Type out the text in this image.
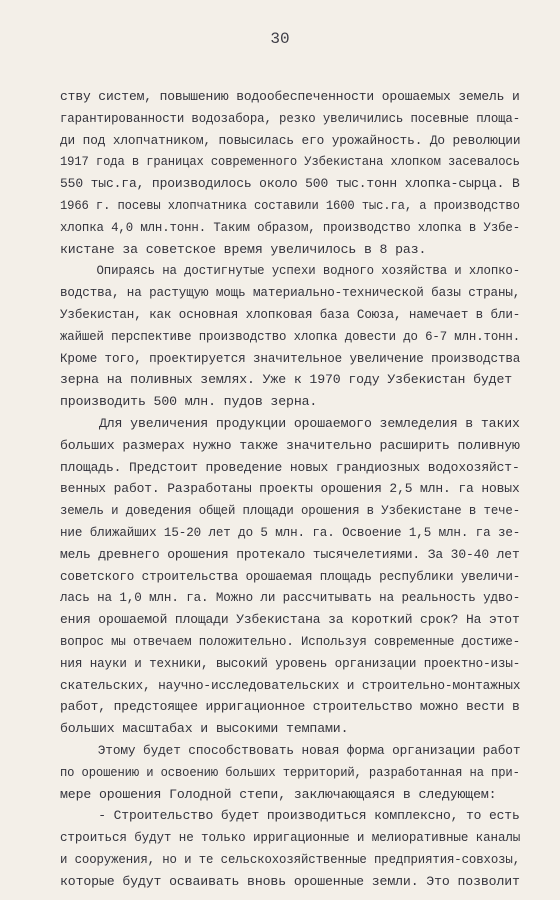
30
ству систем, повышению водообеспеченности орошаемых земель и
гарантированности водозабора, резко увеличились посевные площа-
ди под хлопчатником, повысилась его урожайность. До революции
1917 года в границах современного Узбекистана хлопком засевалось
550 тыс.га, производилось около 500 тыс.тонн хлопка-сырца. В
1966 г. посевы хлопчатника составили 1600 тыс.га, а производство
хлопка 4,0 млн.тонн. Таким образом, производство хлопка в Узбе-
кистане за советское время увеличилось в 8 раз.
Опираясь на достигнутые успехи водного хозяйства и хлопко-
водства, на растущую мощь материально-технической базы страны,
Узбекистан, как основная хлопковая база Союза, намечает в бли-
жайшей перспективе производство хлопка довести до 6-7 млн.тонн.
Кроме того, проектируется значительное увеличение производства
зерна на поливных землях. Уже к 1970 году Узбекистан будет
производить 500 млн. пудов зерна.
Для увеличения продукции орошаемого земледелия в таких
больших размерах нужно также значительно расширить поливную
площадь. Предстоит проведение новых грандиозных водохозяйст-
венных работ. Разработаны проекты орошения 2,5 млн. га новых
земель и доведения общей площади орошения в Узбекистане в тече-
ние ближайших 15-20 лет до 5 млн. га. Освоение 1,5 млн. га зе-
мель древнего орошения протекало тысячелетиями. За 30-40 лет
советского строительства орошаемая площадь республики увеличи-
лась на 1,0 млн. га. Можно ли рассчитывать на реальность удво-
ения орошаемой площади Узбекистана за короткий срок? На этот
вопрос мы отвечаем положительно. Используя современные достиже-
ния науки и техники, высокий уровень организации проектно-изы-
скательских, научно-исследовательских и строительно-монтажных
работ, предстоящее ирригационное строительство можно вести в
больших масштабах и высокими темпами.
Этому будет способствовать новая форма организации работ
по орошению и освоению больших территорий, разработанная на при-
мере орошения Голодной степи, заключающаяся в следующем:
- Строительство будет производиться комплексно, то есть
строиться будут не только ирригационные и мелиоративные каналы
и сооружения, но и те сельскохозяйственные предприятия-совхозы,
которые будут осваивать вновь орошенные земли. Это позволит
